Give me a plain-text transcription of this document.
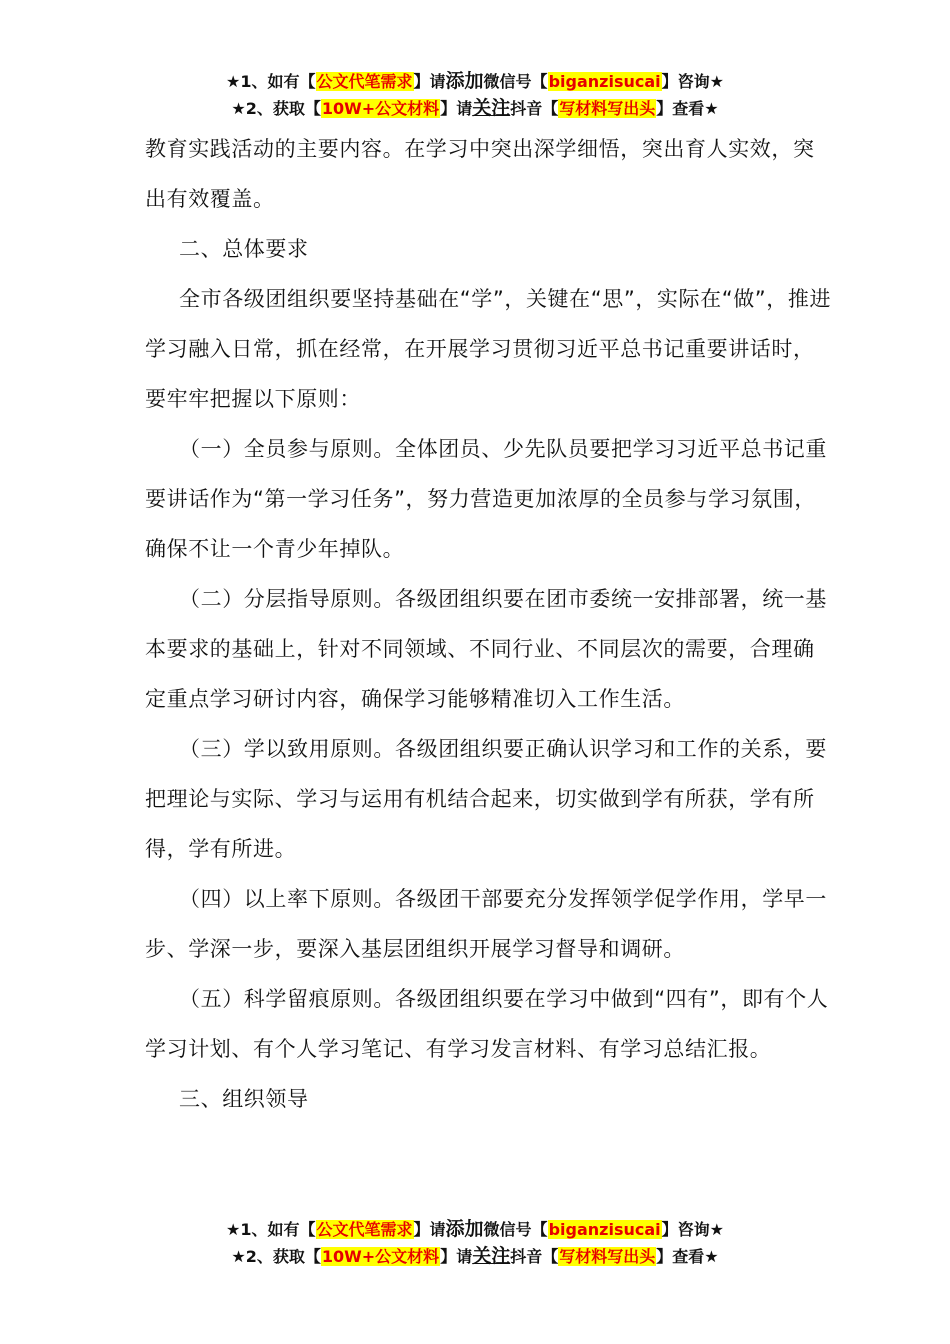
★1、如有【公文代笔需求】请添加微信号【biganzisucai】咨询★
★2、获取【10W+公文材料】请关注抖音【写材料写出头】查看★

教育实践活动的主要内容。在学习中突出深学细悟，突出育人实效，突出有效覆盖。

二、总体要求

全市各级团组织要坚持基础在“学”，关键在“思”，实际在“做”，推进学习融入日常，抓在经常，在开展学习贯彻习近平总书记重要讲话时，要牢牢把握以下原则：

（一）全员参与原则。全体团员、少先队员要把学习习近平总书记重要讲话作为“第一学习任务”，努力营造更加浓厚的全员参与学习氛围，确保不让一个青少年掉队。

（二）分层指导原则。各级团组织要在团市委统一安排部署，统一基本要求的基础上，针对不同领域、不同行业、不同层次的需要，合理确定重点学习研讨内容，确保学习能够精准切入工作生活。

（三）学以致用原则。各级团组织要正确认识学习和工作的关系，要把理论与实际、学习与运用有机结合起来，切实做到学有所获，学有所得，学有所进。

（四）以上率下原则。各级团干部要充分发挥领学促学作用，学早一步、学深一步，要深入基层团组织开展学习督导和调研。

（五）科学留痕原则。各级团组织要在学习中做到“四有”，即有个人学习计划、有个人学习笔记、有学习发言材料、有学习总结汇报。

三、组织领导

★1、如有【公文代笔需求】请添加微信号【biganzisucai】咨询★
★2、获取【10W+公文材料】请关注抖音【写材料写出头】查看★
